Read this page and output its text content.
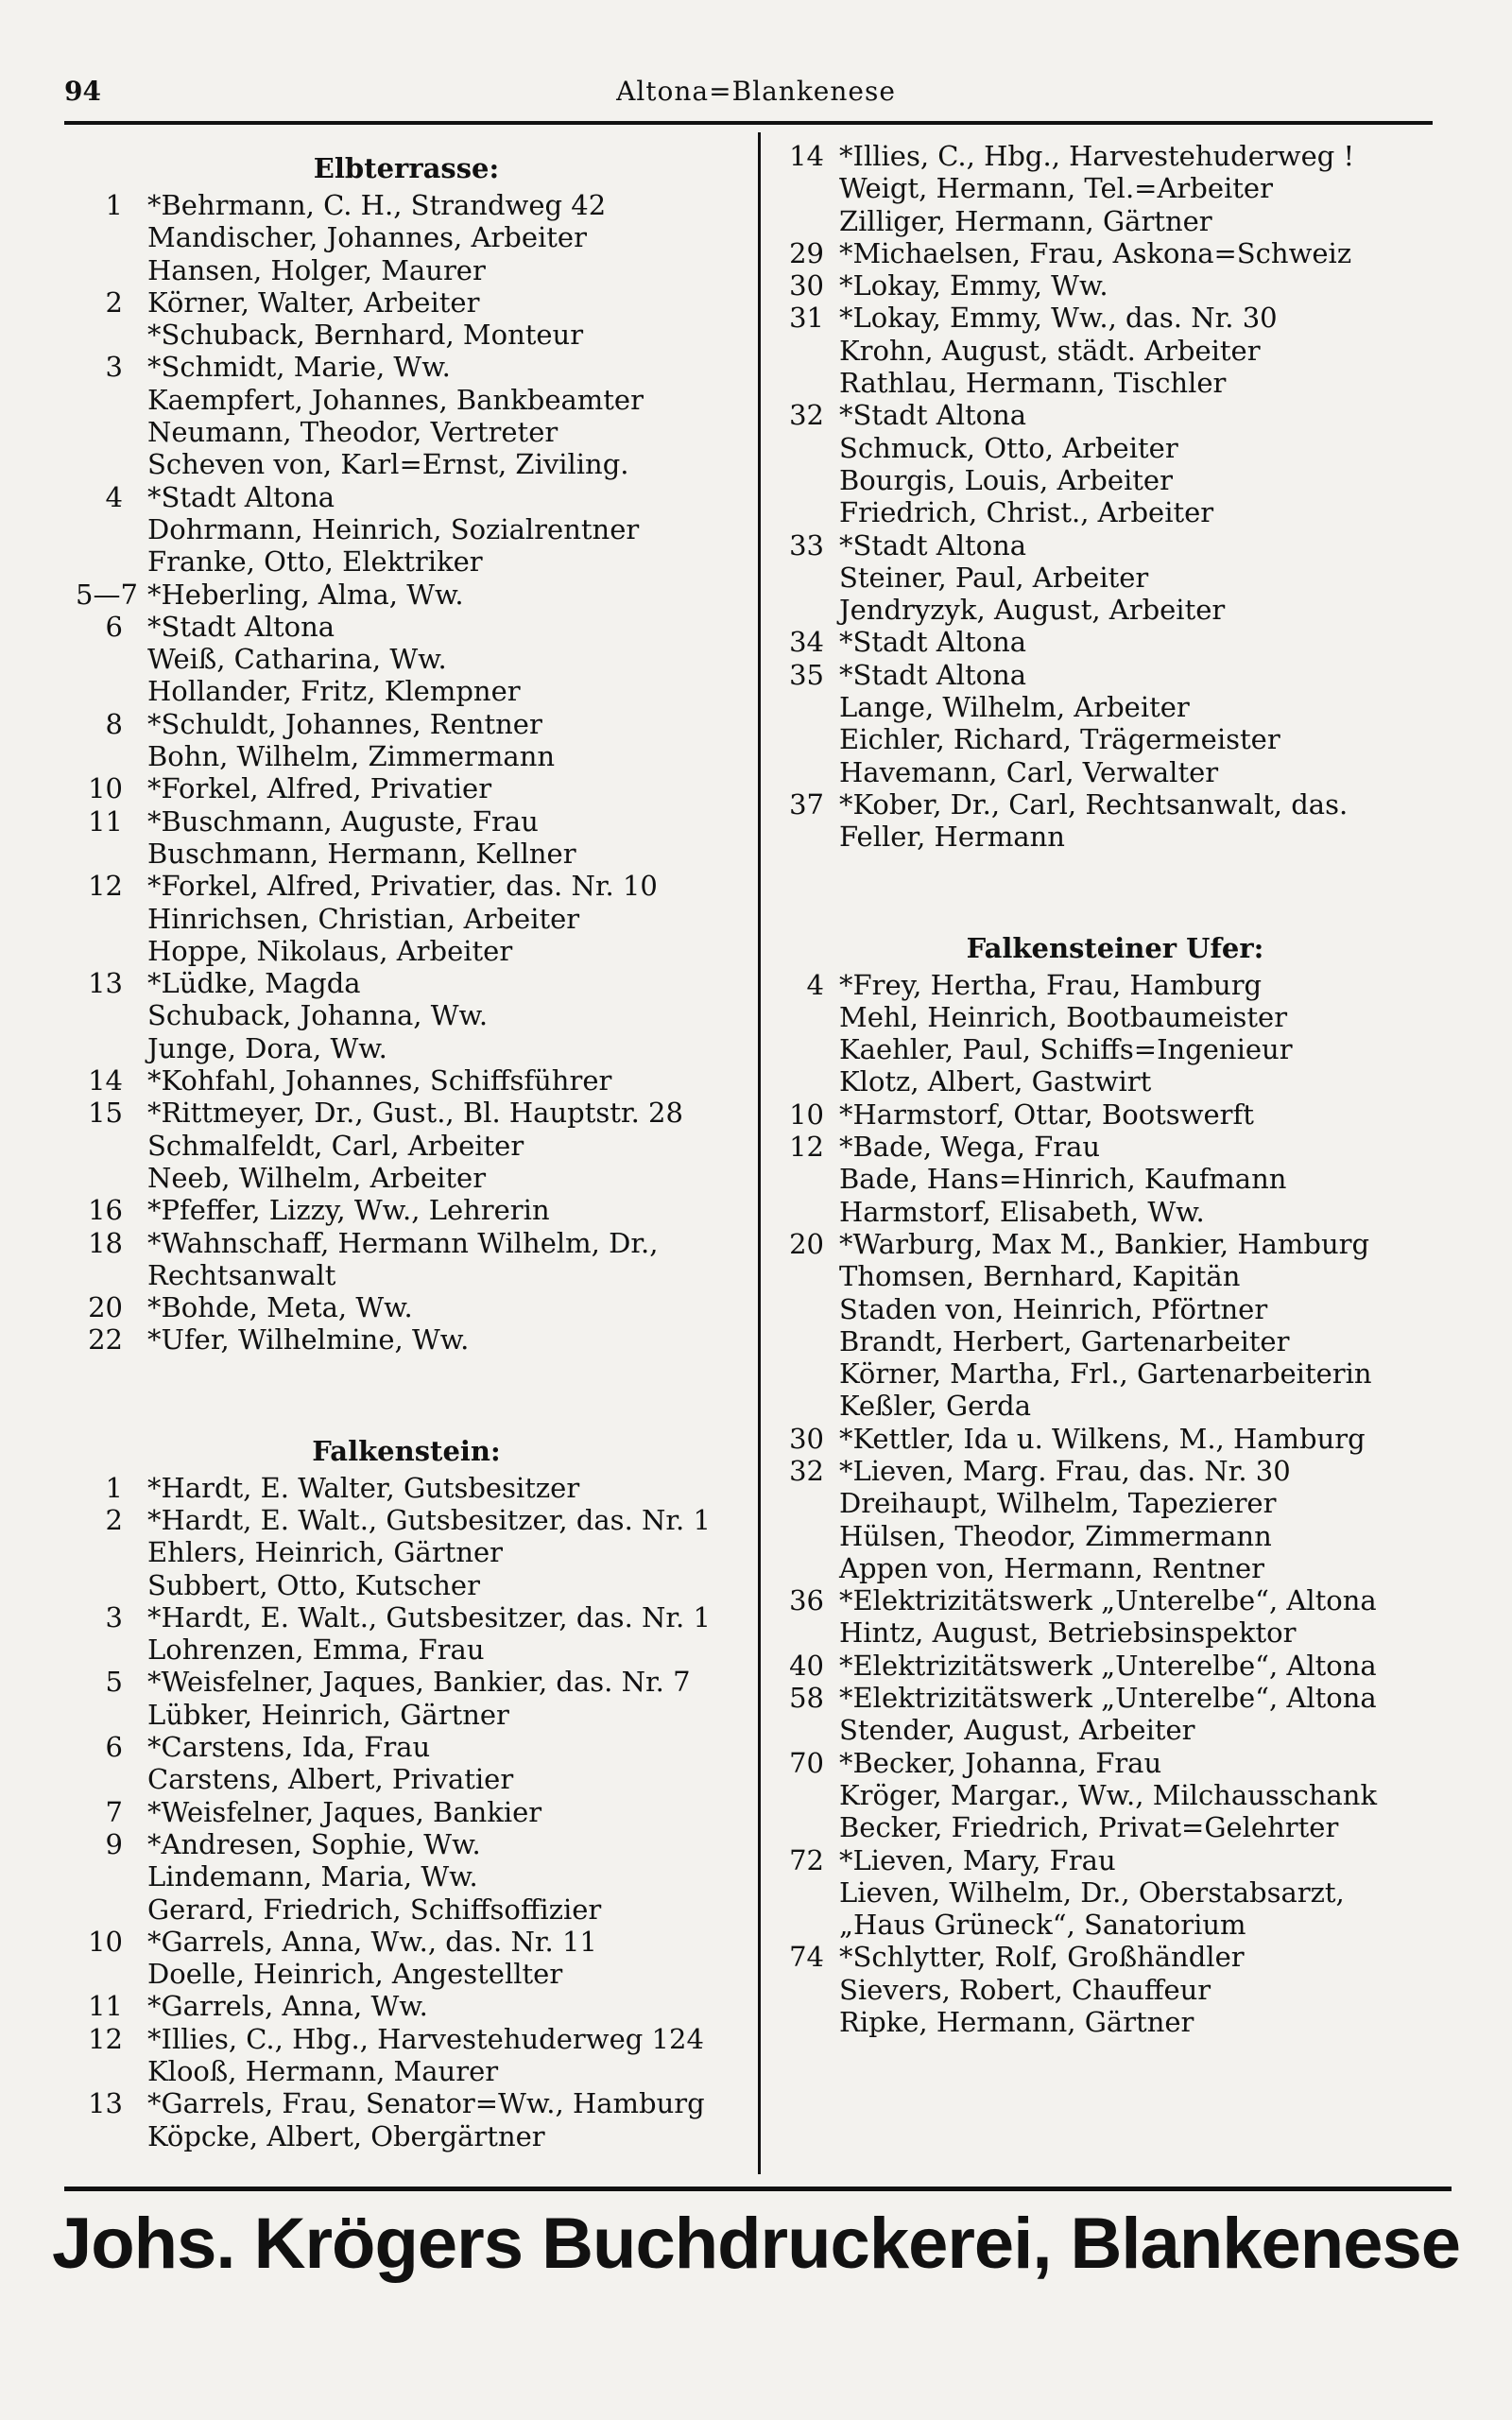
94	Altona=Blankenese
Elbterrasse:
1 *Behrmann, C. H., Strandweg 42
Mandischer, Johannes, Arbeiter
Hansen, Holger, Maurer
2 Körner, Walter, Arbeiter
*Schuback, Bernhard, Monteur
3 *Schmidt, Marie, Ww.
Kaempfert, Johannes, Bankbeamter
Neumann, Theodor, Vertreter
Scheven von, Karl=Ernst, Ziviling.
4 *Stadt Altona
Dohrmann, Heinrich, Sozialrentner
Franke, Otto, Elektriker
5—7 *Heberling, Alma, Ww.
6 *Stadt Altona
Weiß, Catharina, Ww.
Hollander, Fritz, Klempner
8 *Schuldt, Johannes, Rentner
Bohn, Wilhelm, Zimmermann
10 *Forkel, Alfred, Privatier
11 *Buschmann, Auguste, Frau
Buschmann, Hermann, Kellner
12 *Forkel, Alfred, Privatier, das. Nr. 10
Hinrichsen, Christian, Arbeiter
Hoppe, Nikolaus, Arbeiter
13 *Lüdke, Magda
Schuback, Johanna, Ww.
Junge, Dora, Ww.
14 *Kohfahl, Johannes, Schiffsführer
15 *Rittmeyer, Dr., Gust., Bl. Hauptstr. 28
Schmalfeldt, Carl, Arbeiter
Neeb, Wilhelm, Arbeiter
16 *Pfeffer, Lizzy, Ww., Lehrerin
18 *Wahnschaff, Hermann Wilhelm, Dr.,
Rechtsanwalt
20 *Bohde, Meta, Ww.
22 *Ufer, Wilhelmine, Ww.
Falkenstein:
1 *Hardt, E. Walter, Gutsbesitzer
2 *Hardt, E. Walt., Gutsbesitzer, das. Nr. 1
Ehlers, Heinrich, Gärtner
Subbert, Otto, Kutscher
3 *Hardt, E. Walt., Gutsbesitzer, das. Nr. 1
Lohrenzen, Emma, Frau
5 *Weisfelner, Jaques, Bankier, das. Nr. 7
Lübker, Heinrich, Gärtner
6 *Carstens, Ida, Frau
Carstens, Albert, Privatier
7 *Weisfelner, Jaques, Bankier
9 *Andresen, Sophie, Ww.
Lindemann, Maria, Ww.
Gerard, Friedrich, Schiffsoffizier
10 *Garrels, Anna, Ww., das. Nr. 11
Doelle, Heinrich, Angestellter
11 *Garrels, Anna, Ww.
12 *Illies, C., Hbg., Harvestehuderweg 124
Klooß, Hermann, Maurer
13 *Garrels, Frau, Senator=Ww., Hamburg
Köpcke, Albert, Obergärtner
14 *Illies, C., Hbg., Harvestehuderweg !
Weigt, Hermann, Tel.=Arbeiter
Zilliger, Hermann, Gärtner
29 *Michaelsen, Frau, Askona=Schweiz
30 *Lokay, Emmy, Ww.
31 *Lokay, Emmy, Ww., das. Nr. 30
Krohn, August, städt. Arbeiter
Rathlau, Hermann, Tischler
32 *Stadt Altona
Schmuck, Otto, Arbeiter
Bourgis, Louis, Arbeiter
Friedrich, Christ., Arbeiter
33 *Stadt Altona
Steiner, Paul, Arbeiter
Jendryzyk, August, Arbeiter
34 *Stadt Altona
35 *Stadt Altona
Lange, Wilhelm, Arbeiter
Eichler, Richard, Trägermeister
Havemann, Carl, Verwalter
37 *Kober, Dr., Carl, Rechtsanwalt, das.
Feller, Hermann
Falkensteiner Ufer:
4 *Frey, Hertha, Frau, Hamburg
Mehl, Heinrich, Bootbaumeister
Kaehler, Paul, Schiffs=Ingenieur
Klotz, Albert, Gastwirt
10 *Harmstorf, Ottar, Bootswerft
12 *Bade, Wega, Frau
Bade, Hans=Hinrich, Kaufmann
Harmstorf, Elisabeth, Ww.
20 *Warburg, Max M., Bankier, Hamburg
Thomsen, Bernhard, Kapitän
Staden von, Heinrich, Pförtner
Brandt, Herbert, Gartenarbeiter
Körner, Martha, Frl., Gartenarbeiterin
Keßler, Gerda
30 *Kettler, Ida u. Wilkens, M., Hamburg
32 *Lieven, Marg. Frau, das. Nr. 30
Dreihaupt, Wilhelm, Tapezierer
Hülsen, Theodor, Zimmermann
Appen von, Hermann, Rentner
36 *Elektrizitätswerk „Unterelbe“, Altona
Hintz, August, Betriebsinspektor
40 *Elektrizitätswerk „Unterelbe“, Altona
58 *Elektrizitätswerk „Unterelbe“, Altona
Stender, August, Arbeiter
70 *Becker, Johanna, Frau
Kröger, Margar., Ww., Milchausschank
Becker, Friedrich, Privat=Gelehrter
72 *Lieven, Mary, Frau
Lieven, Wilhelm, Dr., Oberstabsarzt,
„Haus Grüneck“, Sanatorium
74 *Schlytter, Rolf, Großhändler
Sievers, Robert, Chauffeur
Ripke, Hermann, Gärtner
Johs. Krögers Buchdruckerei, Blankenese
